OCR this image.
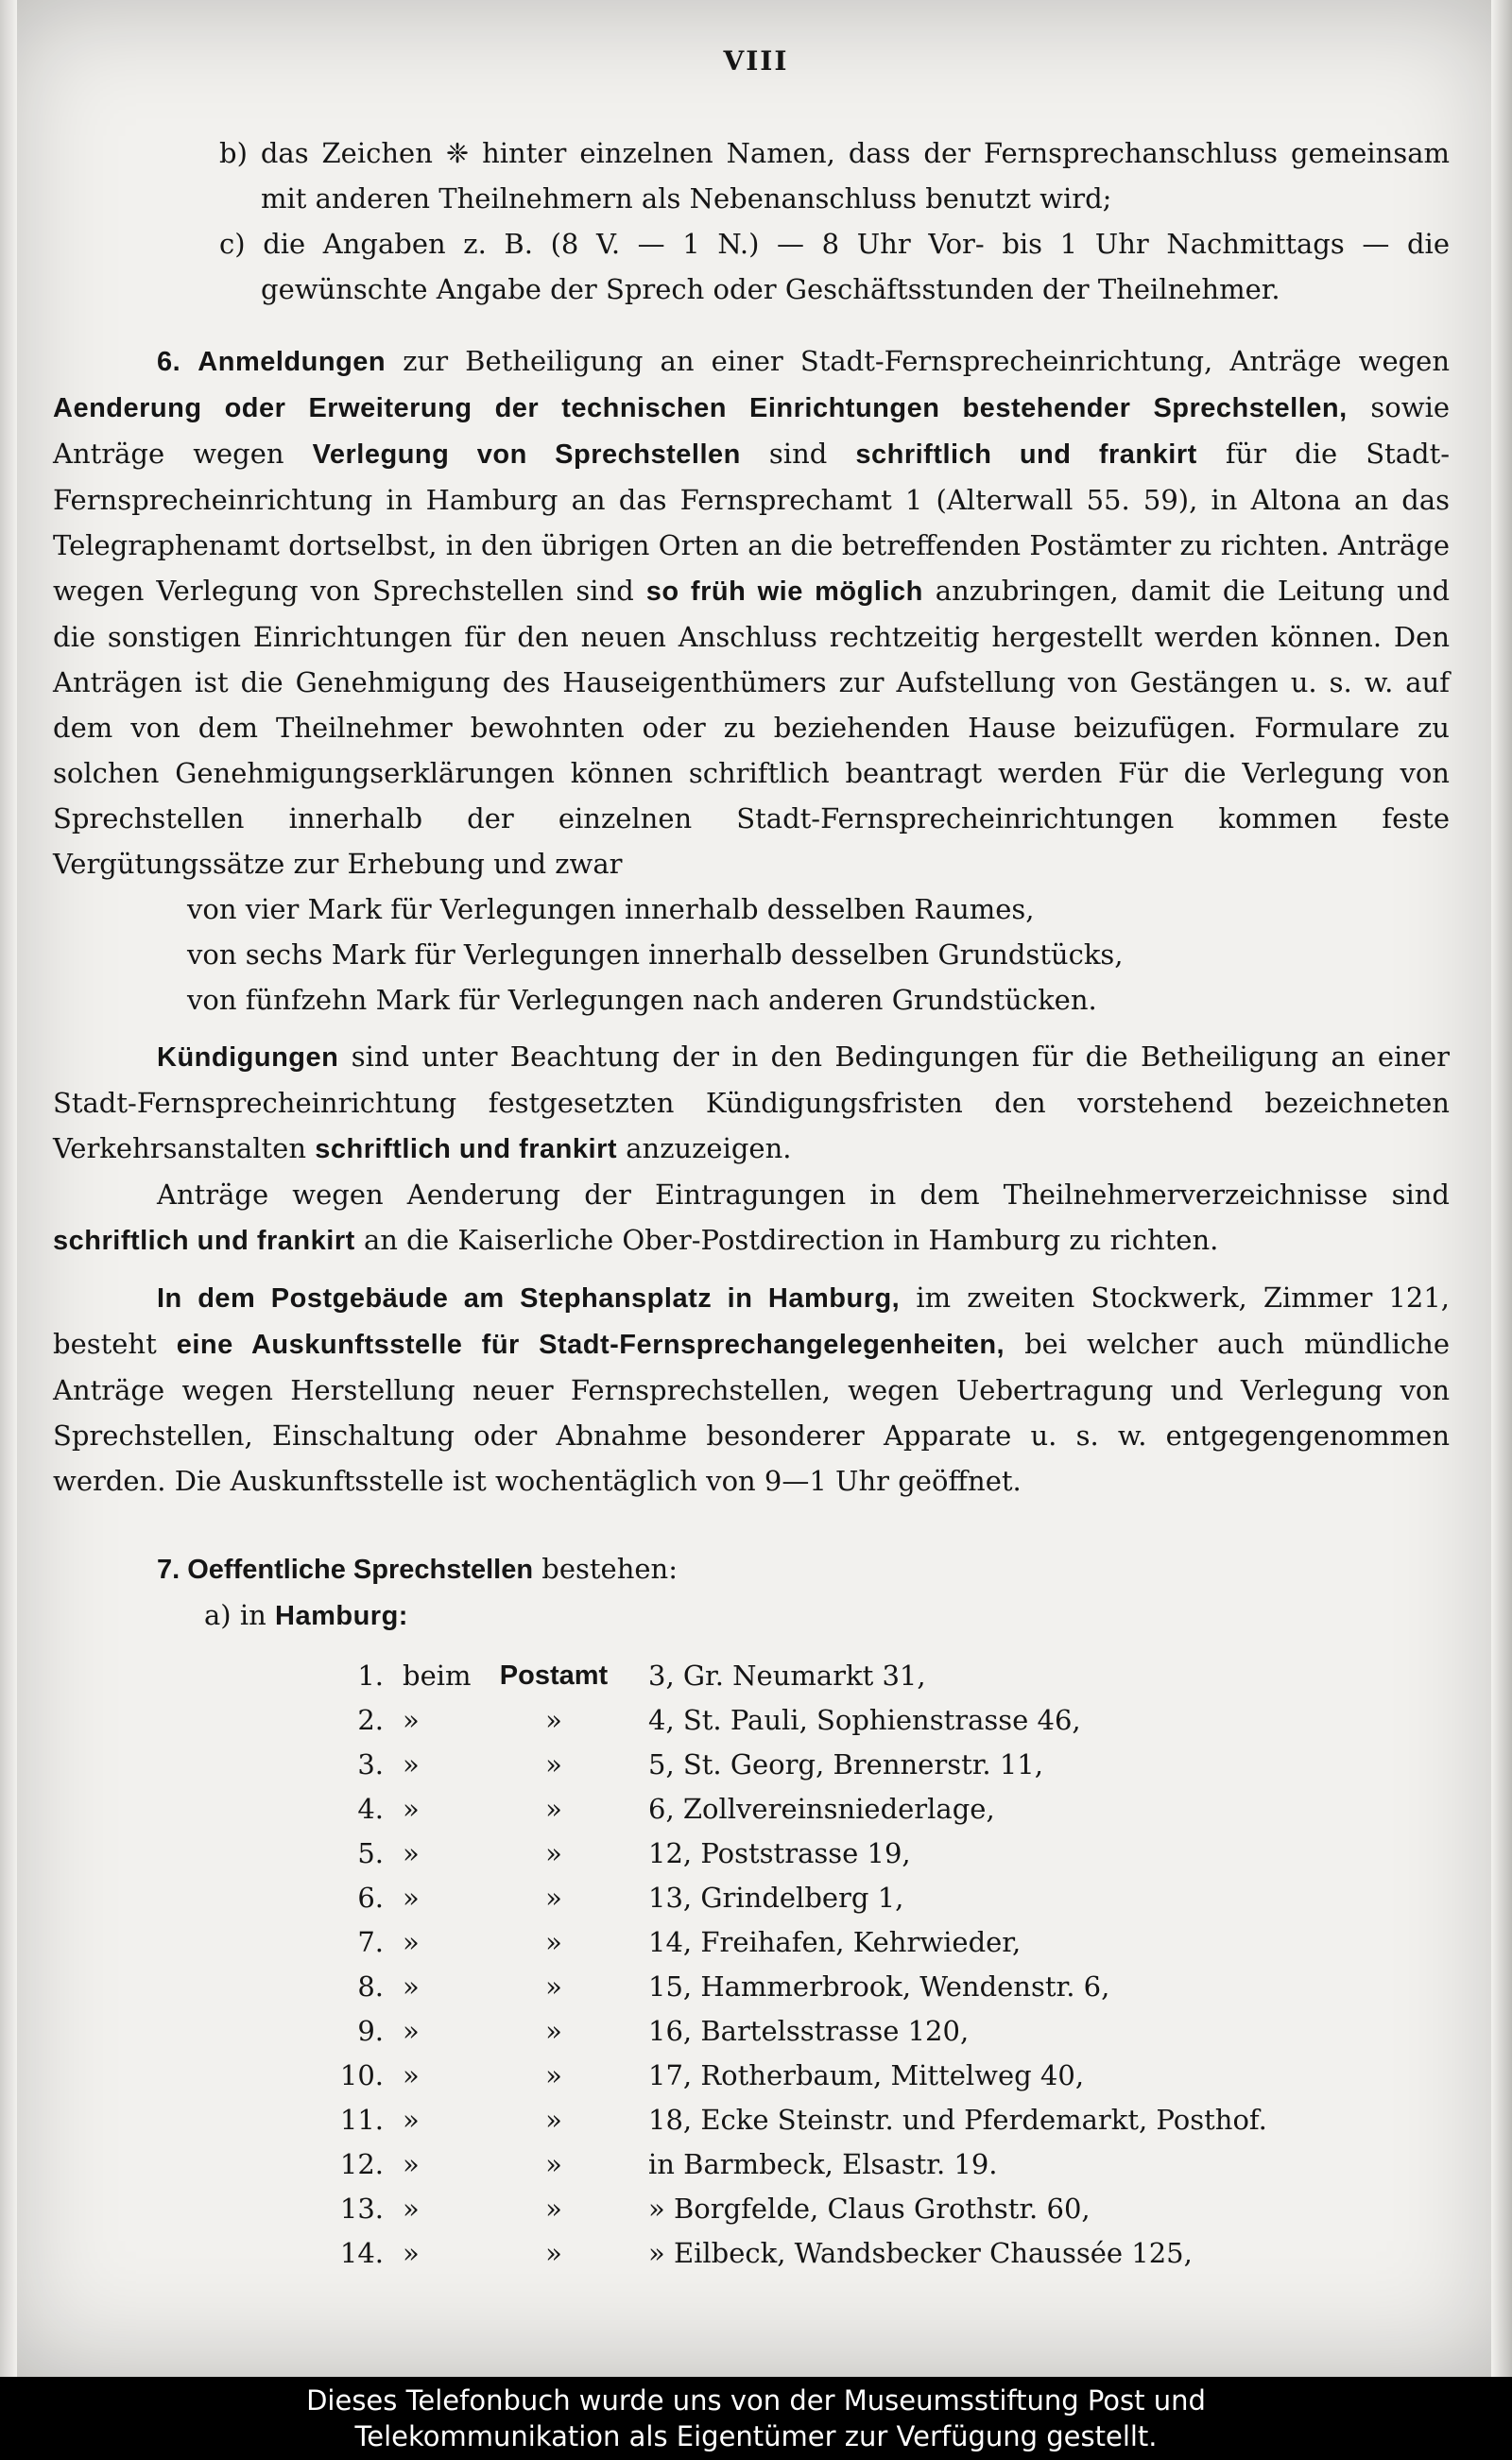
VIII

b) das Zeichen ❈ hinter einzelnen Namen, dass der Fernsprechanschluss gemeinsam mit anderen Theilnehmern als Nebenanschluss benutzt wird;

c) die Angaben z. B. (8 V. — 1 N.) — 8 Uhr Vor- bis 1 Uhr Nachmittags — die gewünschte Angabe der Sprech oder Geschäftsstunden der Theilnehmer.

6. Anmeldungen zur Betheiligung an einer Stadt-Fernsprecheinrichtung, Anträge wegen Aenderung oder Erweiterung der technischen Einrichtungen bestehender Sprechstellen, sowie Anträge wegen Verlegung von Sprechstellen sind schriftlich und frankirt für die Stadt-Fernsprecheinrichtung in Hamburg an das Fernsprechamt 1 (Alterwall 55. 59), in Altona an das Telegraphenamt dortselbst, in den übrigen Orten an die betreffenden Postämter zu richten. Anträge wegen Verlegung von Sprechstellen sind so früh wie möglich anzubringen, damit die Leitung und die sonstigen Einrichtungen für den neuen Anschluss rechtzeitig hergestellt werden können. Den Anträgen ist die Genehmigung des Hauseigenthümers zur Aufstellung von Gestängen u. s. w. auf dem von dem Theilnehmer bewohnten oder zu beziehenden Hause beizufügen. Formulare zu solchen Genehmigungserklärungen können schriftlich beantragt werden Für die Verlegung von Sprechstellen innerhalb der einzelnen Stadt-Fernsprecheinrichtungen kommen feste Vergütungssätze zur Erhebung und zwar

von vier Mark für Verlegungen innerhalb desselben Raumes,

von sechs Mark für Verlegungen innerhalb desselben Grundstücks,

von fünfzehn Mark für Verlegungen nach anderen Grundstücken.

Kündigungen sind unter Beachtung der in den Bedingungen für die Betheiligung an einer Stadt-Fernsprecheinrichtung festgesetzten Kündigungsfristen den vorstehend bezeichneten Verkehrsanstalten schriftlich und frankirt anzuzeigen.

Anträge wegen Aenderung der Eintragungen in dem Theilnehmerverzeichnisse sind schriftlich und frankirt an die Kaiserliche Ober-Postdirection in Hamburg zu richten.

In dem Postgebäude am Stephansplatz in Hamburg, im zweiten Stockwerk, Zimmer 121, besteht eine Auskunftsstelle für Stadt-Fernsprechangelegenheiten, bei welcher auch mündliche Anträge wegen Herstellung neuer Fernsprechstellen, wegen Uebertragung und Verlegung von Sprechstellen, Einschaltung oder Abnahme besonderer Apparate u. s. w. entgegengenommen werden. Die Auskunftsstelle ist wochentäglich von 9—1 Uhr geöffnet.

7. Oeffentliche Sprechstellen bestehen:

a) in Hamburg:

1. beim	Postamt 3, Gr. Neumarkt 31,
2. »	»	4, St. Pauli, Sophienstrasse 46,
3. »	»	5, St. Georg, Brennerstr. 11,
4. »	»	6, Zollvereinsniederlage,
5. »	»	12, Poststrasse 19,
6. »	»	13, Grindelberg 1,
7. »	»	14, Freihafen, Kehrwieder,
8. »	»	15, Hammerbrook, Wendenstr. 6,
9. »	»	16, Bartelsstrasse 120,
10. »	»	17, Rotherbaum, Mittelweg 40,
11. »	»	18, Ecke Steinstr. und Pferdemarkt, Posthof.
12. »	»	in Barmbeck, Elsastr. 19.
13. »	»	» Borgfelde, Claus Grothstr. 60,
14. »	»	» Eilbeck, Wandsbecker Chaussée 125,
Dieses Telefonbuch wurde uns von der Museumsstiftung Post und
Telekommunikation als Eigentümer zur Verfügung gestellt.
